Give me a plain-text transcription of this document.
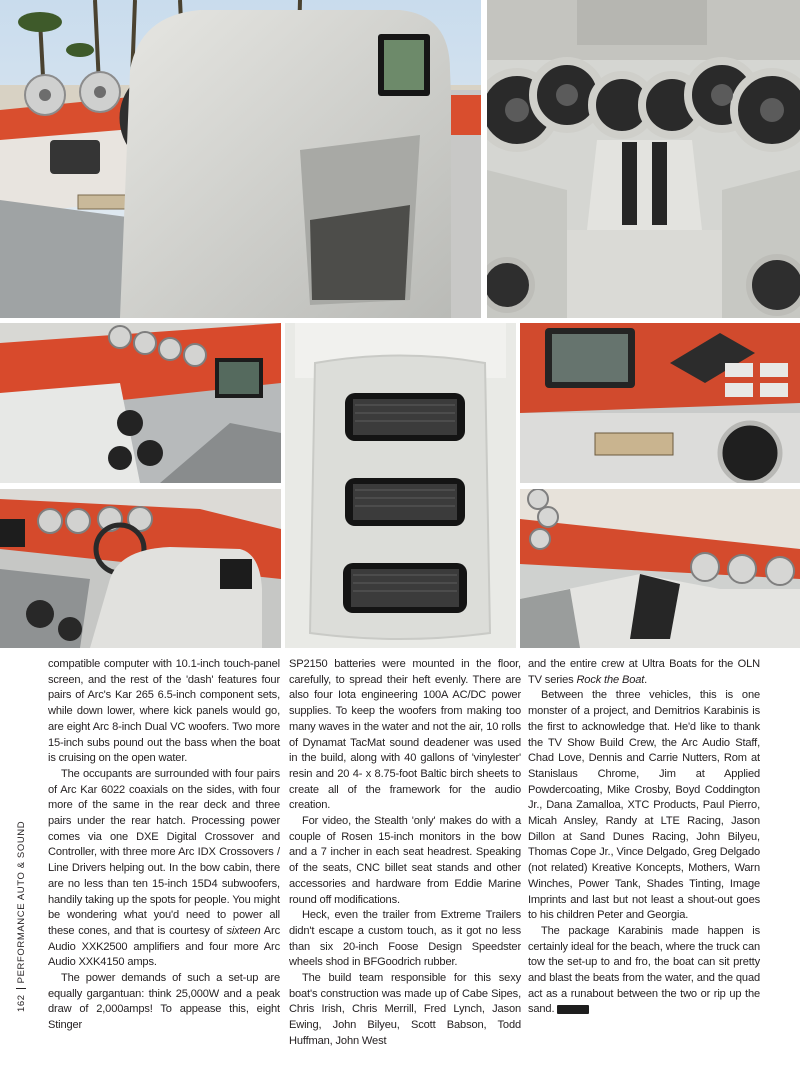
compatible computer with 10.1-inch touch-panel screen, and the rest of the 'dash' features four pairs of Arc's Kar 265 6.5-inch component sets, while down lower, where kick panels would go, are eight Arc 8-inch Dual VC woofers. Two more 15-inch subs pound out the bass when the boat is cruising on the open water.

The occupants are surrounded with four pairs of Arc Kar 6022 coaxials on the sides, with four more of the same in the rear deck and three pairs under the rear hatch. Processing power comes via one DXE Digital Crossover and Controller, with three more Arc IDX Crossovers / Line Drivers helping out. In the bow cabin, there are no less than ten 15-inch 15D4 subwoofers, handily taking up the spots for people. You might be wondering what you'd need to power all these cones, and that is courtesy of sixteen Arc Audio XXK2500 amplifiers and four more Arc Audio XXK4150 amps.

The power demands of such a set-up are equally gargantuan: think 25,000W and a peak draw of 2,000amps! To appease this, eight Stinger

SP2150 batteries were mounted in the floor, carefully, to spread their heft evenly. There are also four Iota engineering 100A AC/DC power supplies. To keep the woofers from making too many waves in the water and not the air, 10 rolls of Dynamat TacMat sound deadener was used in the build, along with 40 gallons of 'vinylester' resin and 20 4- x 8.75-foot Baltic birch sheets to create all of the framework for the audio creation.

For video, the Stealth 'only' makes do with a couple of Rosen 15-inch monitors in the bow and a 7 incher in each seat headrest. Speaking of the seats, CNC billet seat stands and other accessories and hardware from Eddie Marine round off modifications.

Heck, even the trailer from Extreme Trailers didn't escape a custom touch, as it got no less than six 20-inch Foose Design Speedster wheels shod in BFGoodrich rubber.

The build team responsible for this sexy boat's construction was made up of Cabe Sipes, Chris Irish, Chris Merrill, Fred Lynch, Jason Ewing, John Bilyeu, Scott Babson, Todd Huffman, John West

and the entire crew at Ultra Boats for the OLN TV series Rock the Boat.

Between the three vehicles, this is one monster of a project, and Demitrios Karabinis is the first to acknowledge that. He'd like to thank the TV Show Build Crew, the Arc Audio Staff, Chad Love, Dennis and Carrie Nutters, Rom at Stanislaus Chrome, Jim at Applied Powdercoating, Mike Crosby, Boyd Coddington Jr., Dana Zamalloa, XTC Products, Paul Pierro, Micah Ansley, Randy at LTE Racing, Jason Dillon at Sand Dunes Racing, John Bilyeu, Thomas Cope Jr., Vince Delgado, Greg Delgado (not related) Kreative Koncepts, Mothers, Warn Winches, Power Tank, Shades Tinting, Image Imprints and last but not least a shout-out goes to his children Peter and Georgia.

The package Karabinis made happen is certainly ideal for the beach, where the truck can tow the set-up to and fro, the boat can sit pretty and blast the beats from the water, and the quad act as a runabout between the two or rip up the sand.

162PERFORMANCE AUTO & SOUND
